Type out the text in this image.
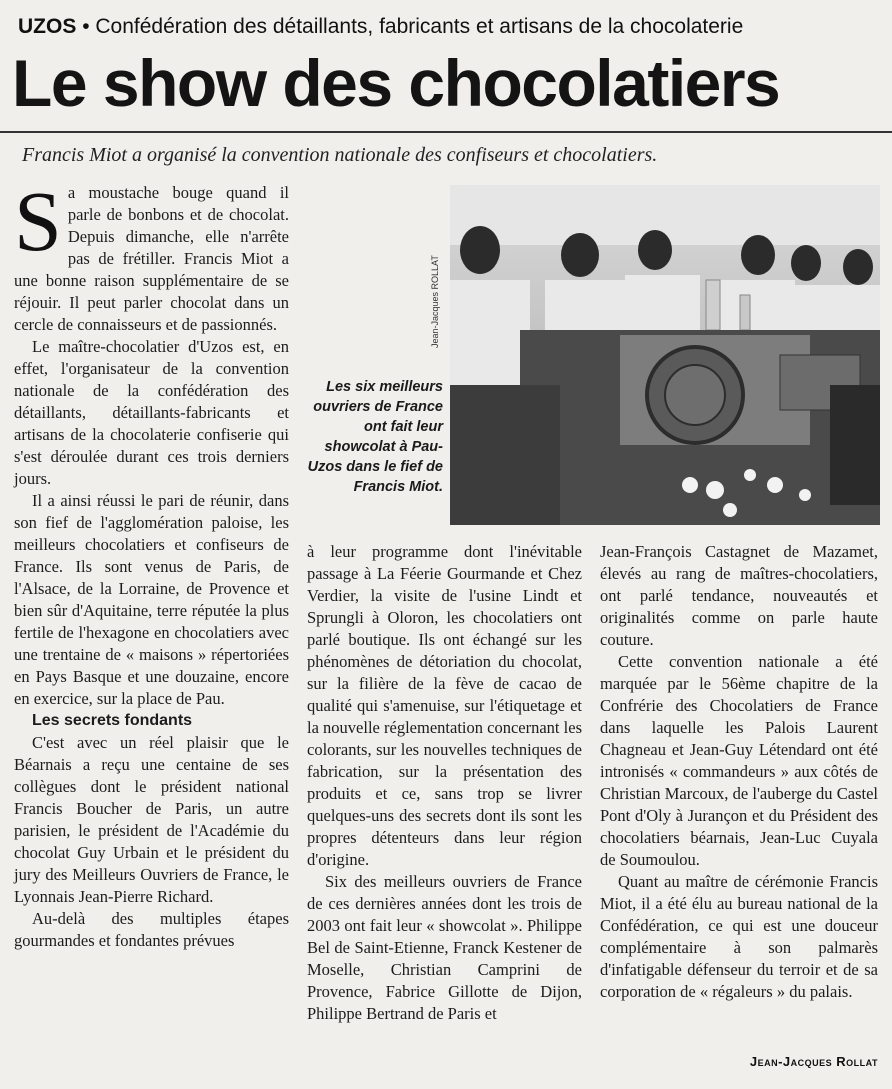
UZOS • Confédération des détaillants, fabricants et artisans de la chocolaterie
Le show des chocolatiers
Francis Miot a organisé la convention nationale des confiseurs et chocolatiers.

Sa moustache bouge quand il parle de bonbons et de chocolat. Depuis dimanche, elle n'arrête pas de frétiller. Francis Miot a une bonne raison supplémentaire de se réjouir. Il peut parler chocolat dans un cercle de connaisseurs et de passionnés.

Le maître-chocolatier d'Uzos est, en effet, l'organisateur de la convention nationale de la confédération des détaillants, détaillants-fabricants et artisans de la chocolaterie confiserie qui s'est déroulée durant ces trois derniers jours.

Il a ainsi réussi le pari de réunir, dans son fief de l'agglomération paloise, les meilleurs chocolatiers et confiseurs de France. Ils sont venus de Paris, de l'Alsace, de la Lorraine, de Provence et bien sûr d'Aquitaine, terre réputée la plus fertile de l'hexagone en chocolatiers avec une trentaine de « maisons » répertoriées en Pays Basque et une douzaine, encore en exercice, sur la place de Pau.

Les secrets fondants

C'est avec un réel plaisir que le Béarnais a reçu une centaine de ses collègues dont le président national Francis Boucher de Paris, un autre parisien, le président de l'Académie du chocolat Guy Urbain et le président du jury des Meilleurs Ouvriers de France, le Lyonnais Jean-Pierre Richard.

Au-delà des multiples étapes gourmandes et fondantes prévues

Les six meilleurs ouvriers de France ont fait leur showcolat à Pau-Uzos dans le fief de Francis Miot.
Jean-Jacques ROLLAT

à leur programme dont l'inévitable passage à La Féerie Gourmande et Chez Verdier, la visite de l'usine Lindt et Sprungli à Oloron, les chocolatiers ont parlé boutique. Ils ont échangé sur les phénomènes de détoriation du chocolat, sur la filière de la fève de cacao de qualité qui s'amenuise, sur l'étiquetage et la nouvelle réglementation concernant les colorants, sur les nouvelles techniques de fabrication, sur la présentation des produits et ce, sans trop se livrer quelques-uns des secrets dont ils sont les propres détenteurs dans leur région d'origine.

Six des meilleurs ouvriers de France de ces dernières années dont les trois de 2003 ont fait leur « showcolat ». Philippe Bel de Saint-Etienne, Franck Kestener de Moselle, Christian Camprini de Provence, Fabrice Gillotte de Dijon, Philippe Bertrand de Paris et

Jean-François Castagnet de Mazamet, élevés au rang de maîtres-chocolatiers, ont parlé tendance, nouveautés et originalités comme on parle haute couture.

Cette convention nationale a été marquée par le 56ème chapitre de la Confrérie des Chocolatiers de France dans laquelle les Palois Laurent Chagneau et Jean-Guy Létendard ont été intronisés « commandeurs » aux côtés de Christian Marcoux, de l'auberge du Castel Pont d'Oly à Jurançon et du Président des chocolatiers béarnais, Jean-Luc Cuyala de Soumoulou.

Quant au maître de cérémonie Francis Miot, il a été élu au bureau national de la Confédération, ce qui est une douceur complémentaire à son palmarès d'infatigable défenseur du terroir et de sa corporation de « régaleurs » du palais.

Jean-Jacques Rollat
